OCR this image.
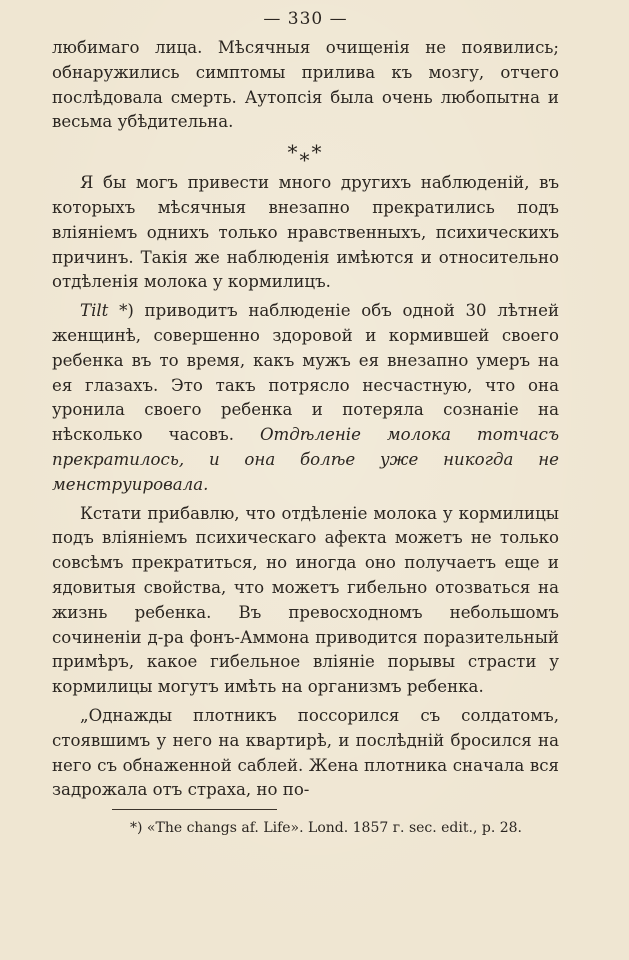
— 330 —

любимаго лица. Мѣсячныя очищенія не появились; обнаружились симптомы прилива къ мозгу, отчего послѣдовала смерть. Аутопсія была очень любопытна и весьма убѣдительна.

***

Я бы могъ привести много другихъ наблюденій, въ которыхъ мѣсячныя внезапно прекратились подъ вліяніемъ однихъ только нравственныхъ, психическихъ причинъ. Такія же наблюденія имѣются и относительно отдѣленія молока у кормилицъ.

Tilt *) приводитъ наблюденіе объ одной 30 лѣтней женщинѣ, совершенно здоровой и кормившей своего ребенка въ то время, какъ мужъ ея внезапно умеръ на ея глазахъ. Это такъ потрясло несчастную, что она уронила своего ребенка и потеряла сознаніе на нѣсколько часовъ. Отдѣленіе молока тотчасъ прекратилось, и она болѣе уже никогда не менструировала.

Кстати прибавлю, что отдѣленіе молока у кормилицы подъ вліяніемъ психическаго афекта можетъ не только совсѣмъ прекратиться, но иногда оно получаетъ еще и ядовитыя свойства, что можетъ гибельно отозваться на жизнь ребенка. Въ превосходномъ небольшомъ сочиненіи д-ра фонъ-Аммона приводится поразительный примѣръ, какое гибельное вліяніе порывы страсти у кормилицы могутъ имѣть на организмъ ребенка.

„Однажды плотникъ поссорился съ солдатомъ, стоявшимъ у него на квартирѣ, и послѣдній бросился на него съ обнаженной саблей. Жена плотника сначала вся задрожала отъ страха, но по-

*) «The changs af. Life». Lond. 1857 г. sec. edit., p. 28.
